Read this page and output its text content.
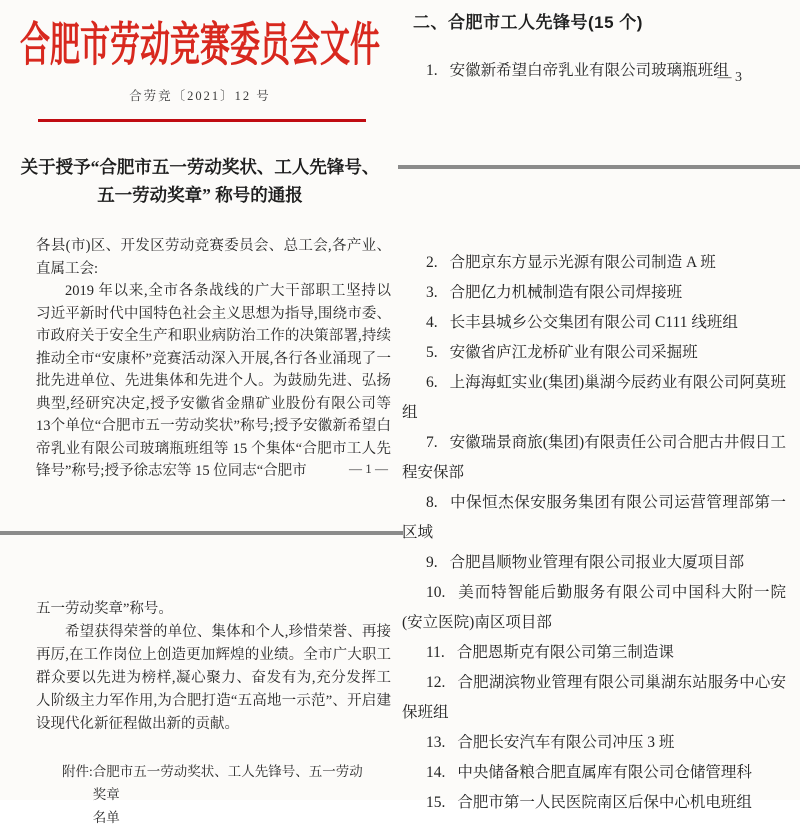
合肥市劳动竞赛委员会文件
合劳竞〔2021〕12 号
关于授予“合肥市五一劳动奖状、工人先锋号、
五一劳动奖章” 称号的通报

各县(市)区、开发区劳动竞赛委员会、总工会,各产业、直属工会:

2019 年以来,全市各条战线的广大干部职工坚持以习近平新时代中国特色社会主义思想为指导,围绕市委、市政府关于安全生产和职业病防治工作的决策部署,持续推动全市“安康杯”竞赛活动深入开展,各行各业涌现了一批先进单位、先进集体和先进个人。为鼓励先进、弘扬典型,经研究决定,授予安徽省金鼎矿业股份有限公司等13个单位“合肥市五一劳动奖状”称号;授予安徽新希望白帝乳业有限公司玻璃瓶班组等 15 个集体“合肥市工人先锋号”称号;授予徐志宏等 15 位同志“合肥市	— 1 —

五一劳动奖章”称号。

希望获得荣誉的单位、集体和个人,珍惜荣誉、再接再厉,在工作岗位上创造更加辉煌的业绩。全市广大职工群众要以先进为榜样,凝心聚力、奋发有为,充分发挥工人阶级主力军作用,为合肥打造“五高地一示范”、开启建设现代化新征程做出新的贡献。

附件: 合肥市五一劳动奖状、工人先锋号、五一劳动奖章
名单
二、合肥市工人先锋号(15 个)

1. 安徽新希望白帝乳业有限公司玻璃瓶班组

— 3

2. 合肥京东方显示光源有限公司制造 A 班

3. 合肥亿力机械制造有限公司焊接班

4. 长丰县城乡公交集团有限公司 C111 线班组

5. 安徽省庐江龙桥矿业有限公司采掘班

6. 上海海虹实业(集团)巢湖今辰药业有限公司阿莫班组

7. 安徽瑞景商旅(集团)有限责任公司合肥古井假日工程安保部

8. 中保恒杰保安服务集团有限公司运营管理部第一区域

9. 合肥昌顺物业管理有限公司报业大厦项目部

10. 美而特智能后勤服务有限公司中国科大附一院(安立医院)南区项目部

11. 合肥恩斯克有限公司第三制造课

12. 合肥湖滨物业管理有限公司巢湖东站服务中心安保班组

13. 合肥长安汽车有限公司冲压 3 班

14. 中央储备粮合肥直属库有限公司仓储管理科

15. 合肥市第一人民医院南区后保中心机电班组
